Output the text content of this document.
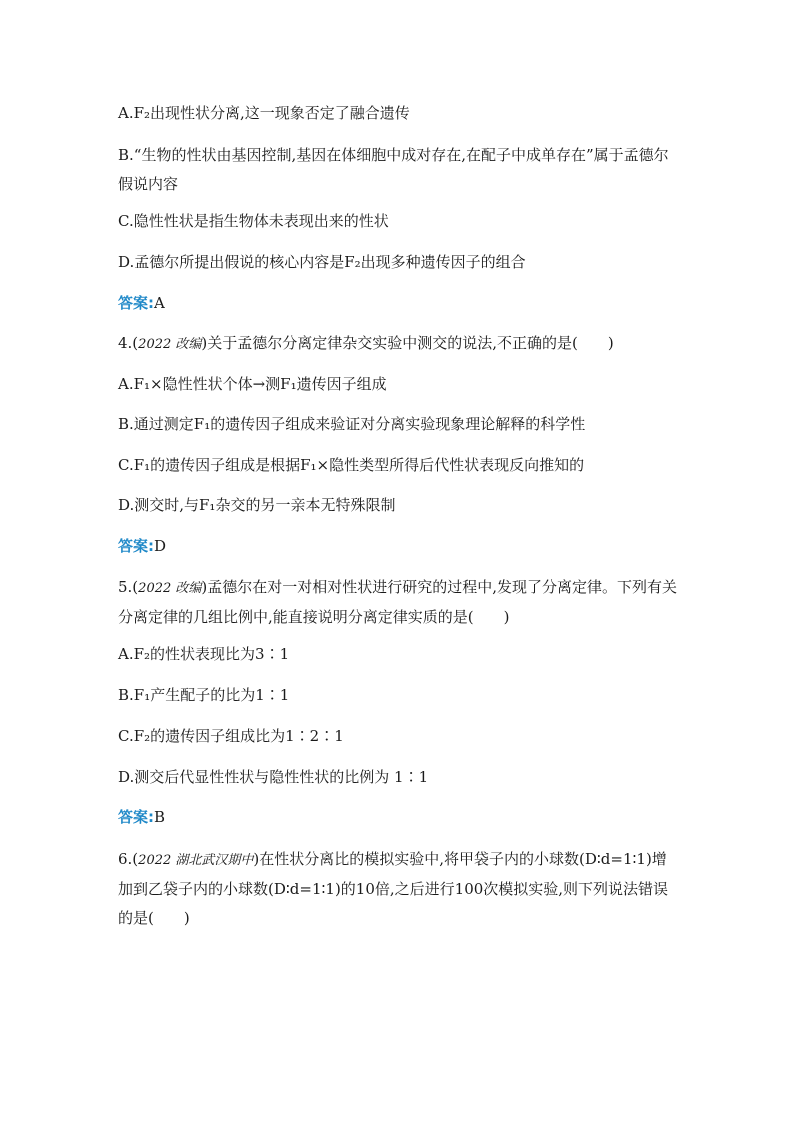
A.F₂出现性状分离,这一现象否定了融合遗传
B.“生物的性状由基因控制,基因在体细胞中成对存在,在配子中成单存在”属于孟德尔假说内容
C.隐性性状是指生物体未表现出来的性状
D.孟德尔所提出假说的核心内容是F₂出现多种遗传因子的组合
答案:A
4.(2022 改编)关于孟德尔分离定律杂交实验中测交的说法,不正确的是(　　)
A.F₁×隐性性状个体→测F₁遗传因子组成
B.通过测定F₁的遗传因子组成来验证对分离实验现象理论解释的科学性
C.F₁的遗传因子组成是根据F₁×隐性类型所得后代性状表现反向推知的
D.测交时,与F₁杂交的另一亲本无特殊限制
答案:D
5.(2022 改编)孟德尔在对一对相对性状进行研究的过程中,发现了分离定律。下列有关分离定律的几组比例中,能直接说明分离定律实质的是(　　)
A.F₂的性状表现比为3∶1
B.F₁产生配子的比为1∶1
C.F₂的遗传因子组成比为1∶2∶1
D.测交后代显性性状与隐性性状的比例为 1∶1
答案:B
6.(2022 湖北武汉期中)在性状分离比的模拟实验中,将甲袋子内的小球数(D∶d=1∶1)增加到乙袋子内的小球数(D∶d=1∶1)的10倍,之后进行100次模拟实验,则下列说法错误的是(　　)
